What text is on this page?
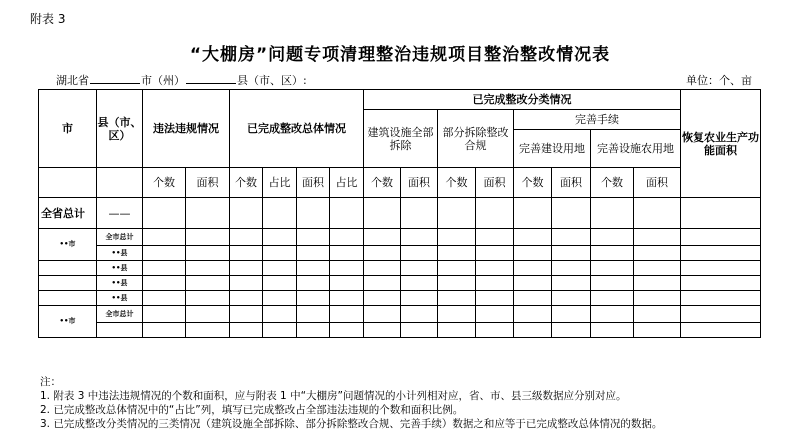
附表 3
“大棚房”问题专项清理整治违规项目整治整改情况表
湖北省	市（州）	县（市、区）:	单位：个、亩
市	县（市、区）	违法违规情况		已完成整改总体情况				已完成整改分类情况								恢复农业生产功能面积
								建筑设施全部拆除		部分拆除整改合规		完善手续				
												完善建设用地		完善设施农用地		
		个数	面积	个数	占比	面积	占比	个数	面积	个数	面积	个数	面积	个数	面积	
全省总计	——															
••市	全市总计															
	••县															
	••县															
	••县															
	••县															
••市	全市总计															

注：
1. 附表 3 中违法违规情况的个数和面积，应与附表 1 中“大棚房”问题情况的小计列相对应，省、市、县三级数据应分别对应。
2. 已完成整改总体情况中的“占比”列，填写已完成整改占全部违法违规的个数和面积比例。
3. 已完成整改分类情况的三类情况（建筑设施全部拆除、部分拆除整改合规、完善手续）数据之和应等于已完成整改总体情况的数据。
